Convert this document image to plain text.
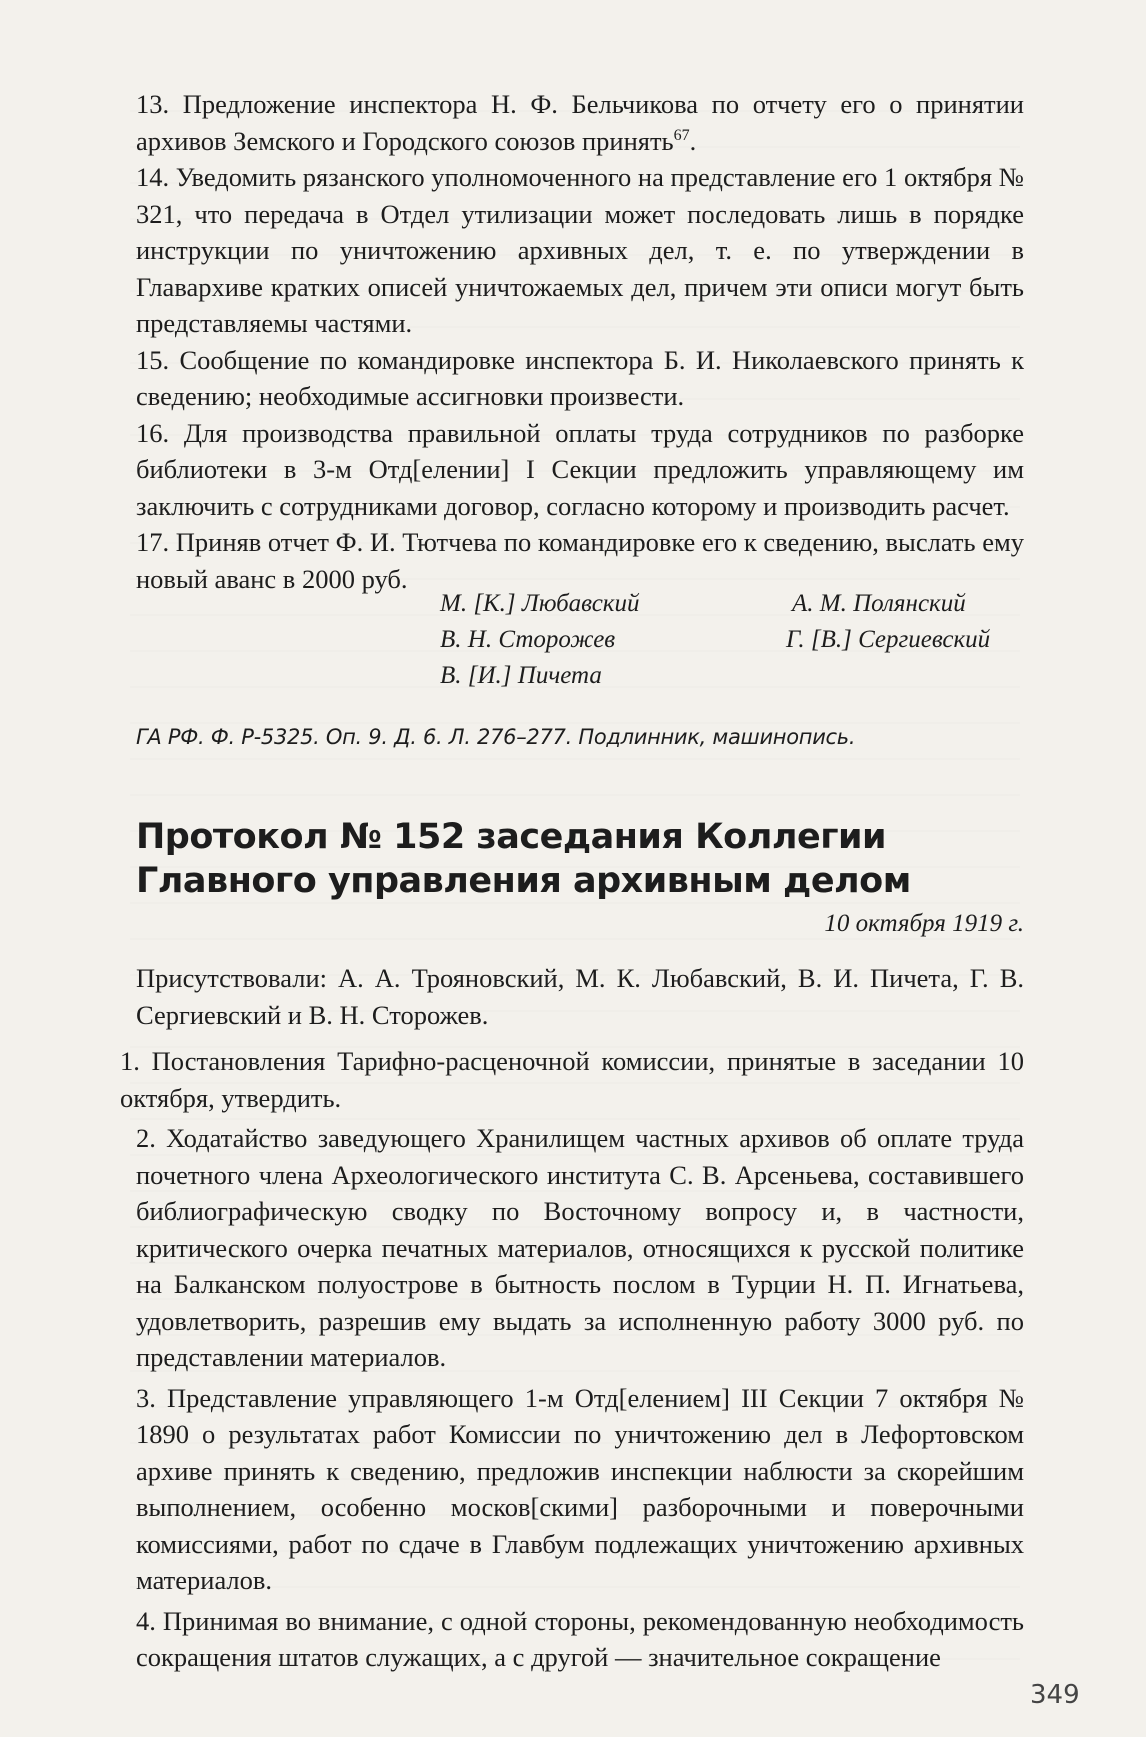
13. Предложение инспектора Н. Ф. Бельчикова по отчету его о принятии архивов Земского и Городского союзов принять$^{67}$.

14. Уведомить рязанского уполномоченного на представление его 1 октября № 321, что передача в Отдел утилизации может последовать лишь в порядке инструкции по уничтожению архивных дел, т. е. по утверждении в Главархиве кратких описей уничтожаемых дел, причем эти описи могут быть представляемы частями.

15. Сообщение по командировке инспектора Б. И. Николаевского принять к сведению; необходимые ассигновки произвести.

16. Для производства правильной оплаты труда сотрудников по разборке библиотеки в 3-м Отд[елении] I Секции предложить управляющему им заключить с сотрудниками договор, согласно которому и производить расчет.

17. Приняв отчет Ф. И. Тютчева по командировке его к сведению, выслать ему новый аванс в 2000 руб.

М. [К.] Любавский	А. М. Полянский
В. Н. Сторожев	Г. [В.] Сергиевский
В. [И.] Пичета
ГА РФ. Ф. Р-5325. Оп. 9. Д. 6. Л. 276–277. Подлинник, машинопись.
Протокол № 152 заседания Коллегии
Главного управления архивным делом
10 октября 1919 г.

Присутствовали: А. А. Трояновский, М. К. Любавский, В. И. Пичета, Г. В. Сергиевский и В. Н. Сторожев.

1. Постановления Тарифно-расценочной комиссии, принятые в заседании 10 октября, утвердить.

2. Ходатайство заведующего Хранилищем частных архивов об оплате труда почетного члена Археологического института С. В. Арсеньева, составившего библиографическую сводку по Восточному вопросу и, в частности, критического очерка печатных материалов, относящихся к русской политике на Балканском полуострове в бытность послом в Турции Н. П. Игнатьева, удовлетворить, разрешив ему выдать за исполненную работу 3000 руб. по представлении материалов.

3. Представление управляющего 1-м Отд[елением] III Секции 7 октября № 1890 о результатах работ Комиссии по уничтожению дел в Лефортовском архиве принять к сведению, предложив инспекции наблюсти за скорейшим выполнением, особенно москов[скими] разборочными и поверочными комиссиями, работ по сдаче в Главбум подлежащих уничтожению архивных материалов.

4. Принимая во внимание, с одной стороны, рекомендованную необходимость сокращения штатов служащих, а с другой — значительное сокращение

349
